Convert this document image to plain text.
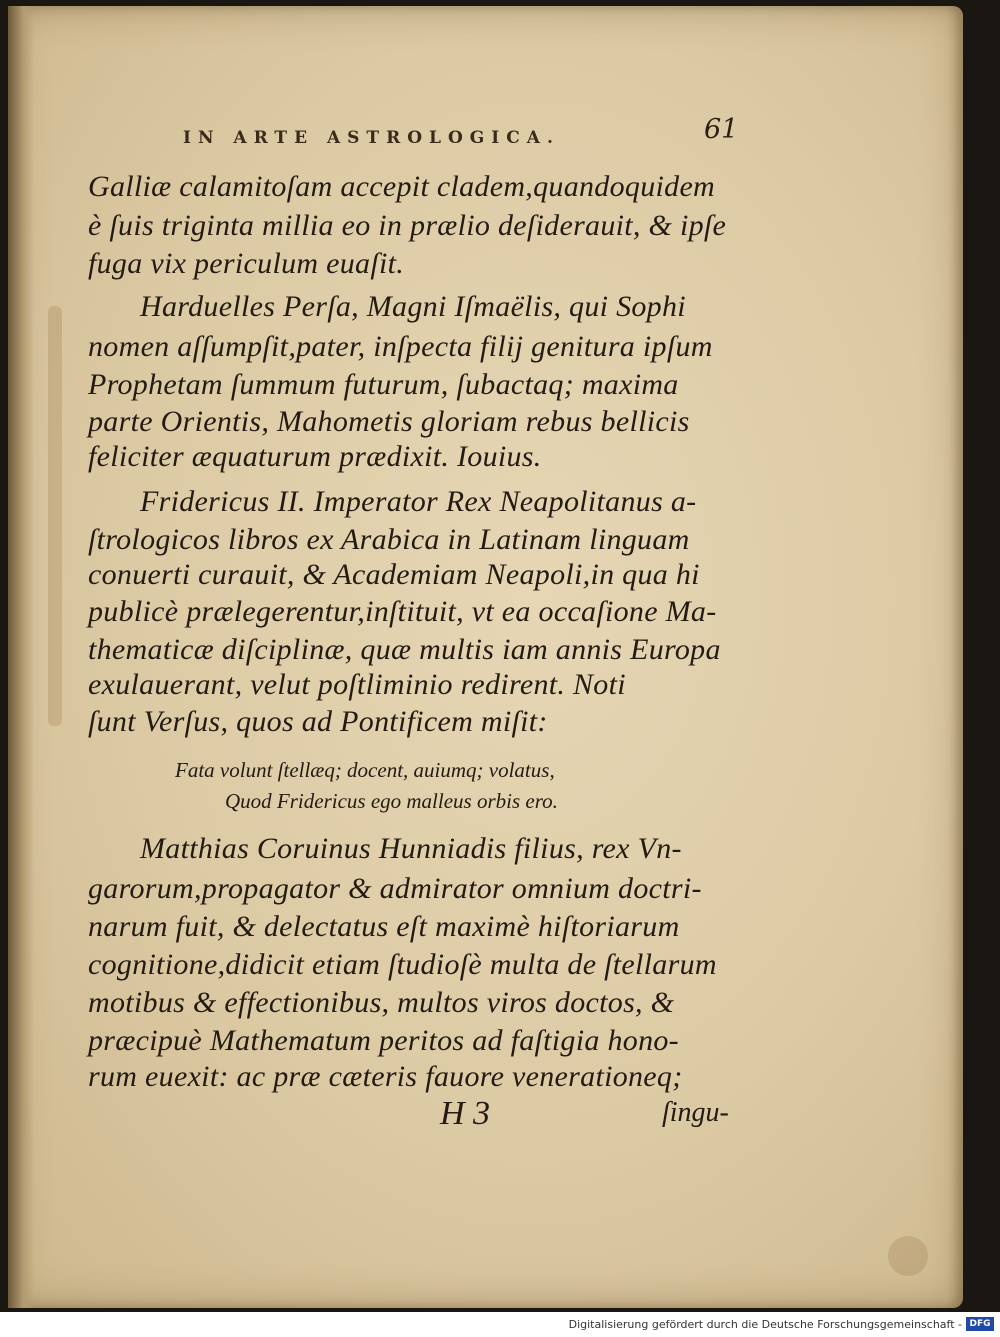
IN ARTE ASTROLOGICA.	61
Galliæ calamitoſam accepit cladem,quandoquidem
è ſuis triginta millia eo in prælio deſiderauit, & ipſe
fuga vix periculum euaſit.
Harduelles Perſa, Magni Iſmaëlis, qui Sophi
nomen aſſumpſit,pater, inſpecta filij genitura ipſum
Prophetam ſummum futurum, ſubactaq; maxima
parte Orientis, Mahometis gloriam rebus bellicis
feliciter æquaturum prædixit. Iouius.
Fridericus II. Imperator Rex Neapolitanus a-
ſtrologicos libros ex Arabica in Latinam linguam
conuerti curauit, & Academiam Neapoli,in qua hi
publicè prælegerentur,inſtituit, vt ea occaſione Ma-
thematicæ diſciplinæ, quæ multis iam annis Europa
exulauerant, velut poſtliminio redirent. Noti
ſunt Verſus, quos ad Pontificem miſit:
Fata volunt ſtellæq; docent, auiumq; volatus,
Quod Fridericus ego malleus orbis ero.
Matthias Coruinus Hunniadis filius, rex Vn-
garorum,propagator & admirator omnium doctri-
narum fuit, & delectatus eſt maximè hiſtoriarum
cognitione,didicit etiam ſtudioſè multa de ſtellarum
motibus & effectionibus, multos viros doctos, &
præcipuè Mathematum peritos ad faſtigia hono-
rum euexit: ac præ cæteris fauore venerationeq;
H 3	ſingu-
Digitalisierung gefördert durch die Deutsche Forschungsgemeinschaft - DFG
